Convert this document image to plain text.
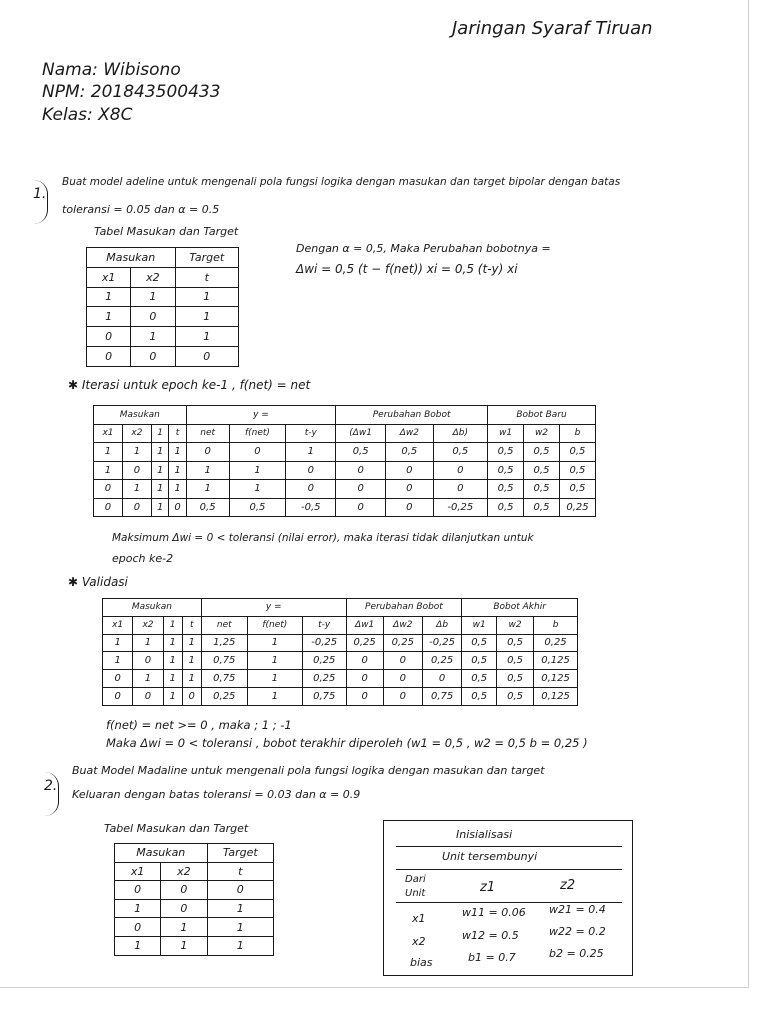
Jaringan Syaraf Tiruan
Nama: Wibisono
NPM: 201843500433
Kelas: X8C
1.
Buat model adeline untuk mengenali pola fungsi logika dengan masukan dan target bipolar dengan batas
toleransi = 0.05 dan α = 0.5
Tabel Masukan dan Target
Masukan		Target
x1	x2	t
1	1	1
1	0	1
0	1	1
0	0	0
Dengan α = 0,5, Maka Perubahan bobotnya =
Δwi = 0,5 (t − f(net)) xi = 0,5 (t-y) xi
✱ Iterasi untuk epoch ke-1 , f(net) = net
Masukan				y =			Perubahan Bobot			Bobot Baru		
x1	x2	1	t	net	f(net)	t-y	(Δw1	Δw2	Δb)	w1	w2	b
1	1	1	1	0	0	1	0,5	0,5	0,5	0,5	0,5	0,5
1	0	1	1	1	1	0	0	0	0	0,5	0,5	0,5
0	1	1	1	1	1	0	0	0	0	0,5	0,5	0,5
0	0	1	0	0,5	0,5	-0,5	0	0	-0,25	0,5	0,5	0,25
Maksimum Δwi = 0 < toleransi (nilai error), maka iterasi tidak dilanjutkan untuk
epoch ke-2
✱ Validasi
Masukan				y =			Perubahan Bobot			Bobot Akhir		
x1	x2	1	t	net	f(net)	t-y	Δw1	Δw2	Δb	w1	w2	b
1	1	1	1	1,25	1	-0,25	0,25	0,25	-0,25	0,5	0,5	0,25
1	0	1	1	0,75	1	0,25	0	0	0,25	0,5	0,5	0,125
0	1	1	1	0,75	1	0,25	0	0	0	0,5	0,5	0,125
0	0	1	0	0,25	1	0,75	0	0	0,75	0,5	0,5	0,125
f(net) = net >= 0 , maka ; 1 ; -1
Maka Δwi = 0 < toleransi , bobot terakhir diperoleh (w1 = 0,5 , w2 = 0,5 b = 0,25 )
2.
Buat Model Madaline untuk mengenali pola fungsi logika dengan masukan dan target
Keluaran dengan batas toleransi = 0.03 dan α = 0.9
Tabel Masukan dan Target
Masukan		Target
x1	x2	t
0	0	0
1	0	1
0	1	1
1	1	1
Inisialisasi
Unit tersembunyi
Dari
Unit	z1	z2
x1	w11 = 0.06 w21 = 0.4
x2	w12 = 0.5	w22 = 0.2
bias	b1 = 0.7	b2 = 0.25
